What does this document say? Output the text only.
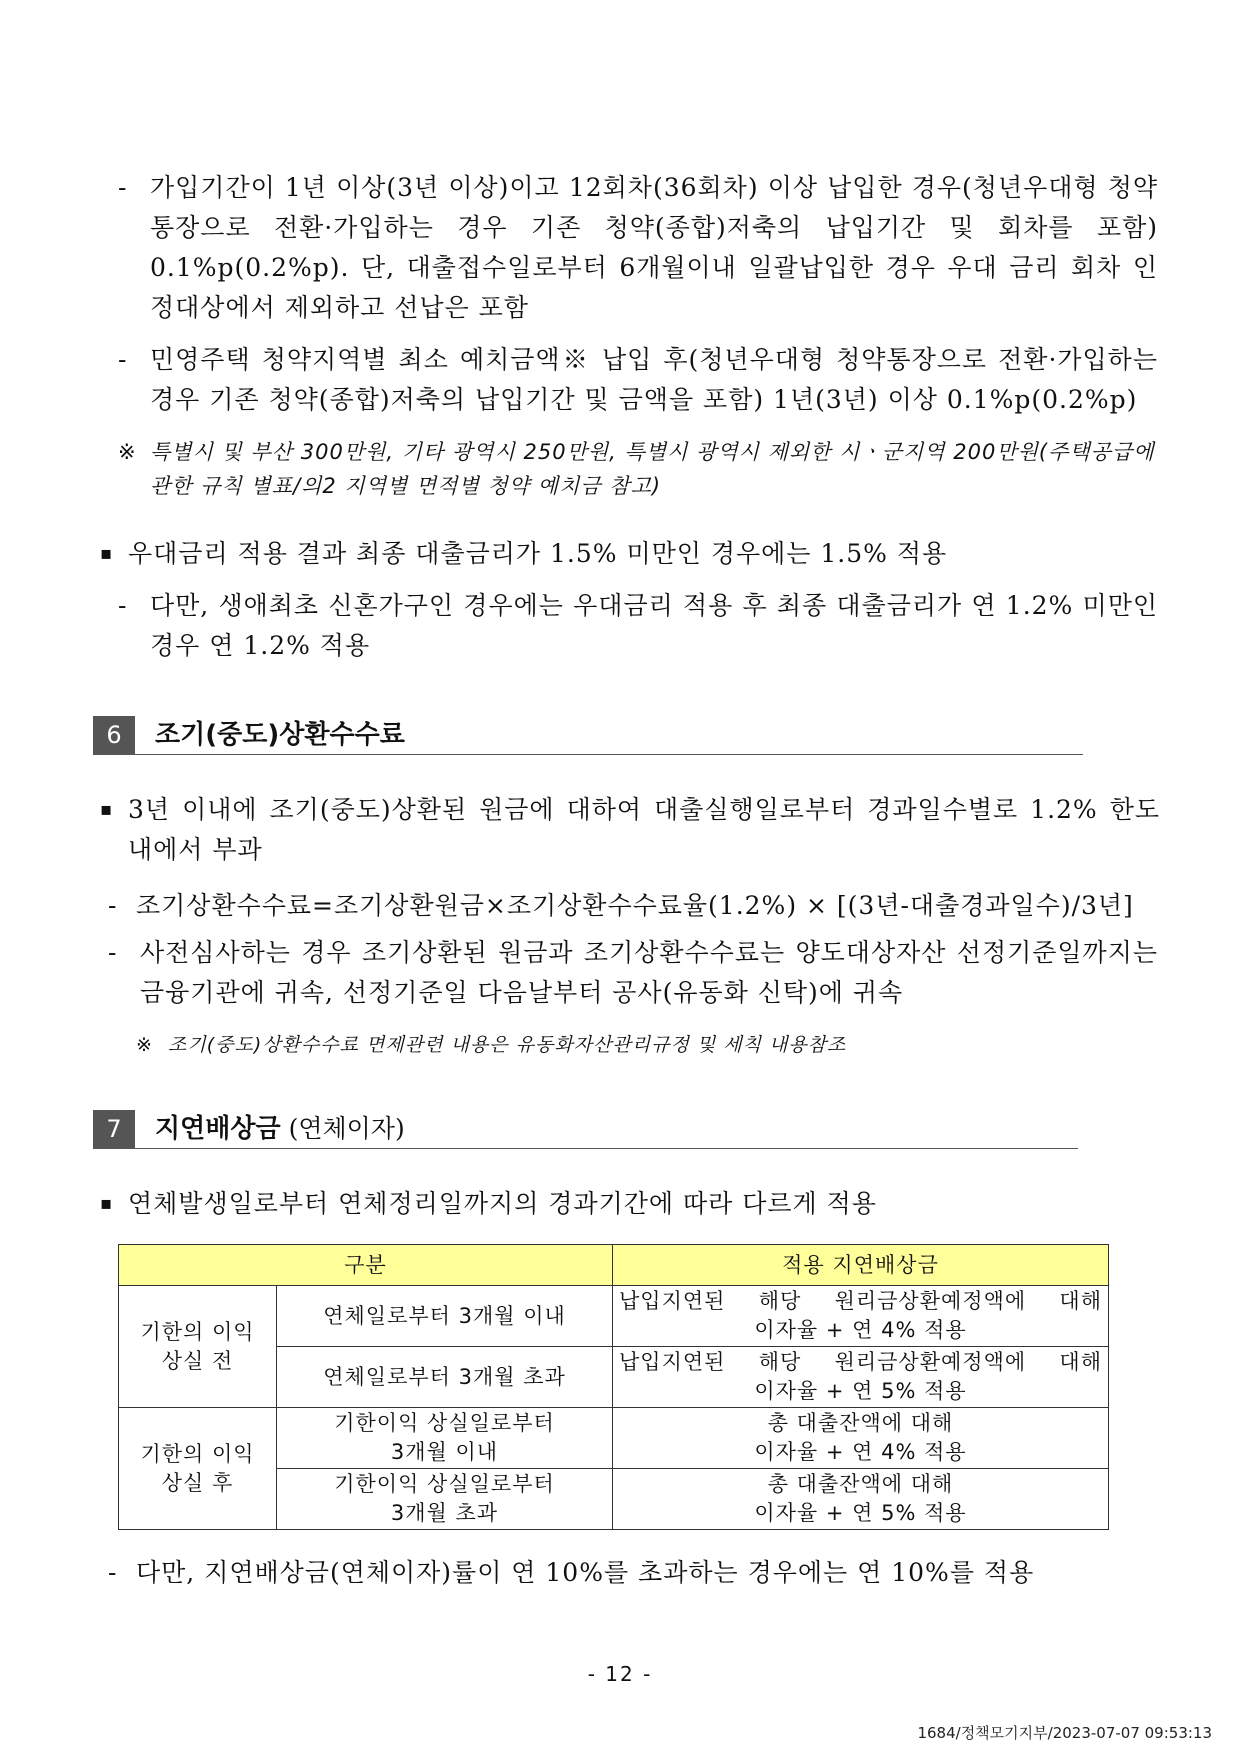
- 가입기간이 1년 이상(3년 이상)이고 12회차(36회차) 이상 납입한 경우(청년우대형 청약통장으로 전환·가입하는 경우 기존 청약(종합)저축의 납입기간 및 회차를 포함) 0.1%p(0.2%p). 단, 대출접수일로부터 6개월이내 일괄납입한 경우 우대 금리 회차 인정대상에서 제외하고 선납은 포함
- 민영주택 청약지역별 최소 예치금액※ 납입 후(청년우대형 청약통장으로 전환·가입하는 경우 기존 청약(종합)저축의 납입기간 및 금액을 포함) 1년(3년) 이상 0.1%p(0.2%p)
※ 특별시 및 부산 300만원, 기타 광역시 250만원, 특별시 광역시 제외한 시ㆍ군지역 200만원(주택공급에 관한 규칙 별표/의2 지역별 면적별 청약 예치금 참고)
▪ 우대금리 적용 결과 최종 대출금리가 1.5% 미만인 경우에는 1.5% 적용
- 다만, 생애최초 신혼가구인 경우에는 우대금리 적용 후 최종 대출금리가 연 1.2% 미만인 경우 연 1.2% 적용
6	조기(중도)상환수수료
▪ 3년 이내에 조기(중도)상환된 원금에 대하여 대출실행일로부터 경과일수별로 1.2% 한도 내에서 부과
- 조기상환수수료=조기상환원금×조기상환수수료율(1.2%) × [(3년-대출경과일수)/3년]
- 사전심사하는 경우 조기상환된 원금과 조기상환수수료는 양도대상자산 선정기준일까지는 금융기관에 귀속, 선정기준일 다음날부터 공사(유동화 신탁)에 귀속
※ 조기(중도)상환수수료 면제관련 내용은 유동화자산관리규정 및 세칙 내용참조
7	지연배상금 (연체이자)
▪ 연체발생일로부터 연체정리일까지의 경과기간에 따라 다르게 적용
구분		적용 지연배상금

기한의 이익
상실 전	연체일로부터 3개월 이내	납입지연된 해당 원리금상환예정액에 대해
이자율 + 연 4% 적용

	연체일로부터 3개월 초과	납입지연된 해당 원리금상환예정액에 대해
이자율 + 연 5% 적용

기한의 이익
상실 후	기한이익 상실일로부터
3개월 이내	총 대출잔액에 대해
이자율 + 연 4% 적용

	기한이익 상실일로부터
3개월 초과	총 대출잔액에 대해
이자율 + 연 5% 적용
- 다만, 지연배상금(연체이자)률이 연 10%를 초과하는 경우에는 연 10%를 적용
- 12 -
1684/정책모기지부/2023-07-07 09:53:13
